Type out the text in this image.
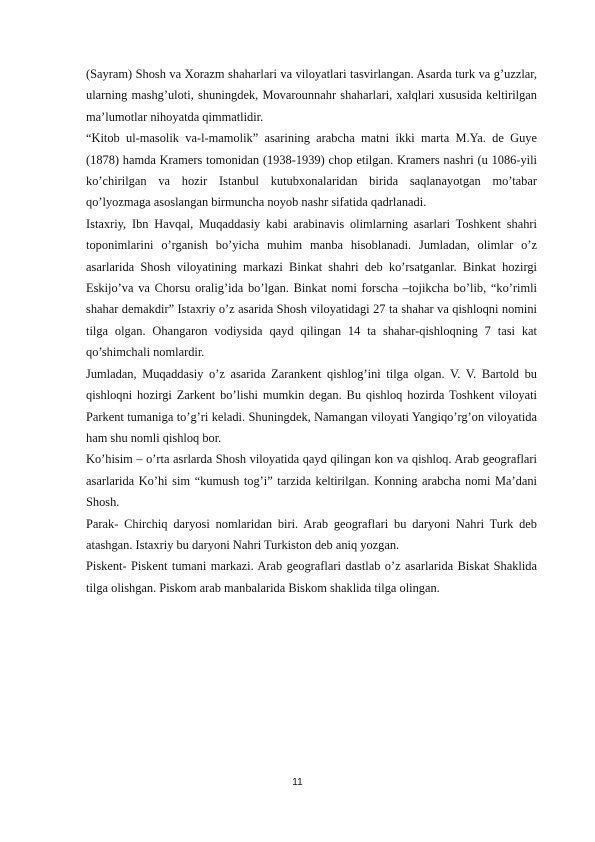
(Sayram) Shosh va Xorazm shaharlari va viloyatlari tasvirlangan. Asarda turk va g’uzzlar, ularning mashg’uloti, shuningdek, Movarounnahr shaharlari, xalqlari xususida keltirilgan ma’lumotlar nihoyatda qimmatlidir.

“Kitob ul-masolik va-l-mamolik” asarining arabcha matni ikki marta M.Ya. de Guye (1878) hamda Kramers tomonidan (1938-1939) chop etilgan. Kramers nashri (u 1086-yili ko’chirilgan va hozir Istanbul kutubxonalaridan birida saqlanayotgan mo’tabar qo’lyozmaga asoslangan birmuncha noyob nashr sifatida qadrlanadi.

Istaxriy, Ibn Havqal, Muqaddasiy kabi arabinavis olimlarning asarlari Toshkent shahri toponimlarini o’rganish bo’yicha muhim manba hisoblanadi. Jumladan, olimlar o’z asarlarida Shosh viloyatining markazi Binkat shahri deb ko’rsatganlar. Binkat hozirgi Eskijo’va va Chorsu oralig’ida bo’lgan. Binkat nomi forscha –tojikcha bo’lib, “ko’rimli shahar demakdir” Istaxriy o’z asarida Shosh viloyatidagi 27 ta shahar va qishloqni nomini tilga olgan. Ohangaron vodiysida qayd qilingan 14 ta shahar-qishloqning 7 tasi kat qo’shimchali nomlardir.

Jumladan, Muqaddasiy o’z asarida Zarankent qishlog’ini tilga olgan. V. V. Bartold bu qishloqni hozirgi Zarkent bo’lishi mumkin degan. Bu qishloq hozirda Toshkent viloyati Parkent tumaniga to’g’ri keladi. Shuningdek, Namangan viloyati Yangiqo’rg’on viloyatida ham shu nomli qishloq bor.

Ko’hisim – o’rta asrlarda Shosh viloyatida qayd qilingan kon va qishloq. Arab geograflari asarlarida Ko’hi sim “kumush tog’i” tarzida keltirilgan. Konning arabcha nomi Ma’dani Shosh.

Parak- Chirchiq daryosi nomlaridan biri. Arab geograflari bu daryoni Nahri Turk deb atashgan. Istaxriy bu daryoni Nahri Turkiston deb aniq yozgan.

Piskent- Piskent tumani markazi. Arab geograflari dastlab o’z asarlarida Biskat Shaklida tilga olishgan. Piskom arab manbalarida Biskom shaklida tilga olingan.

11
